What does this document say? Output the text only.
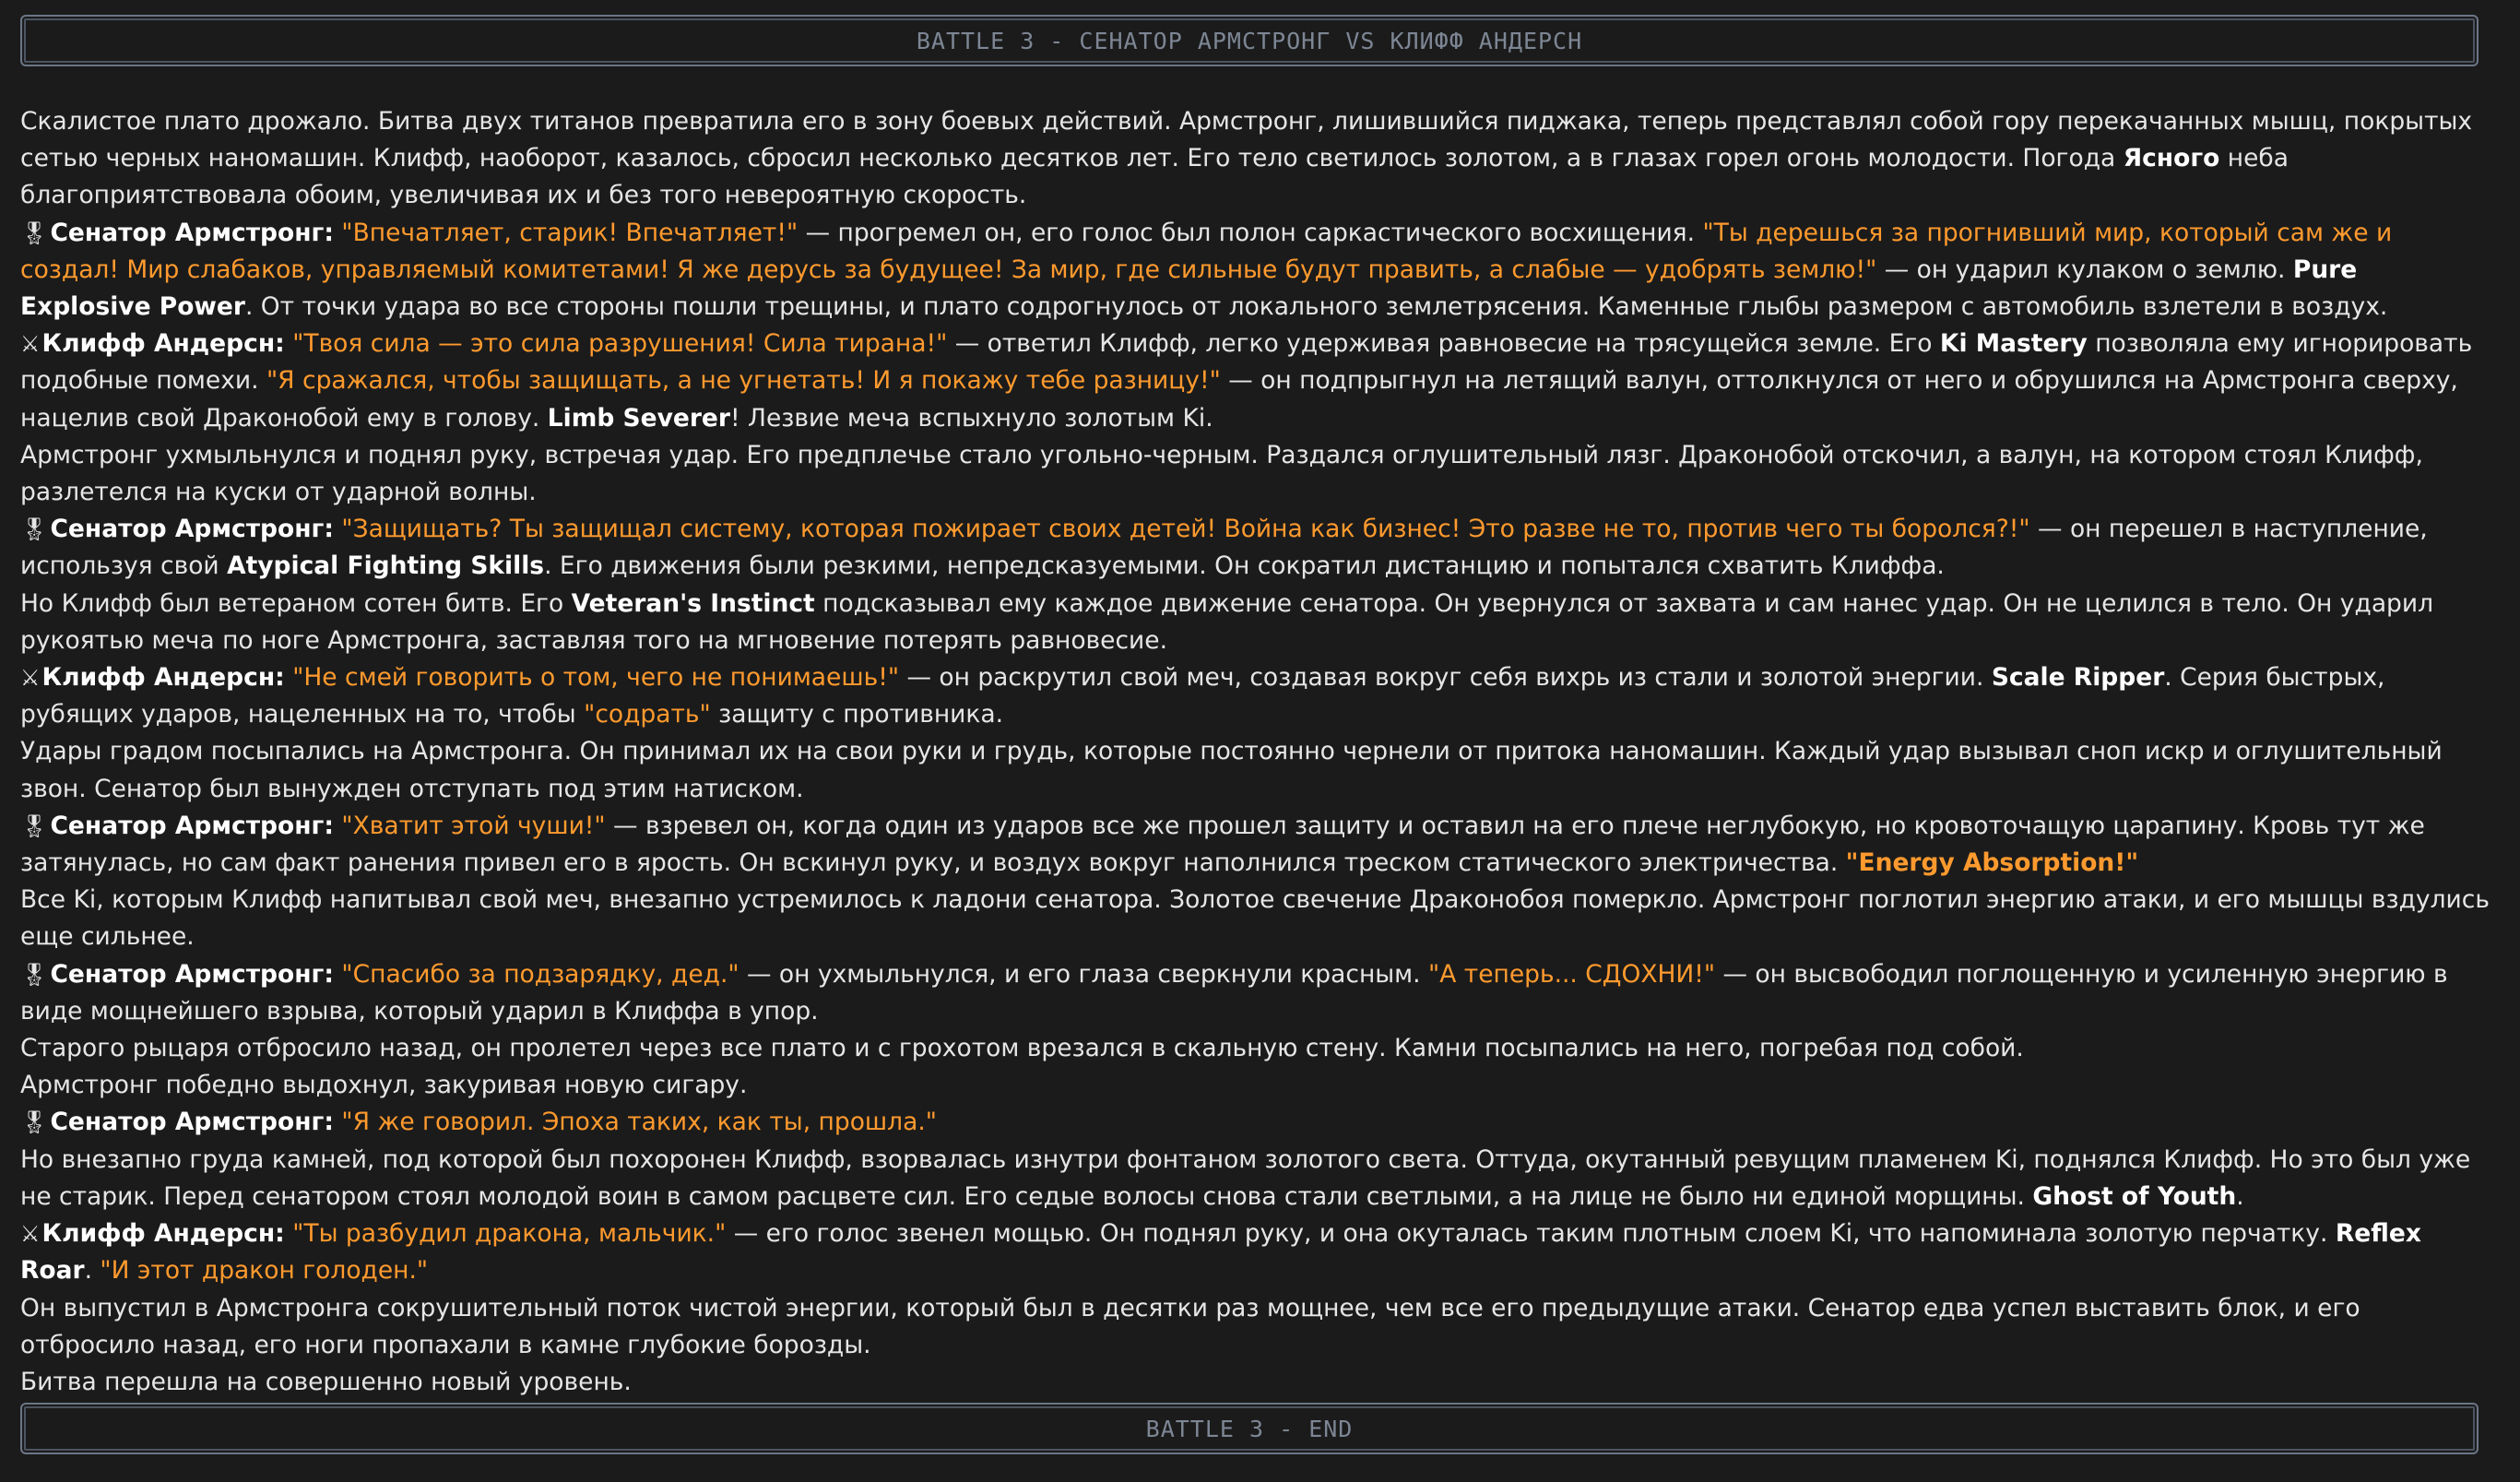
BATTLE 3 - СЕНАТОР АРМСТРОНГ VS КЛИФФ АНДЕРСН

Скалистое плато дрожало. Битва двух титанов превратила его в зону боевых действий. Армстронг, лишившийся пиджака, теперь представлял собой гору перекачанных мышц, покрытых сетью черных наномашин. Клифф, наоборот, казалось, сбросил несколько десятков лет. Его тело светилось золотом, а в глазах горел огонь молодости. Погода Ясного неба благоприятствовала обоим, увеличивая их и без того невероятную скорость.

🎖Сенатор Армстронг: "Впечатляет, старик! Впечатляет!" — прогремел он, его голос был полон саркастического восхищения. "Ты дерешься за прогнивший мир, который сам же и создал! Мир слабаков, управляемый комитетами! Я же дерусь за будущее! За мир, где сильные будут править, а слабые — удобрять землю!" — он ударил кулаком о землю. Pure Explosive Power. От точки удара во все стороны пошли трещины, и плато содрогнулось от локального землетрясения. Каменные глыбы размером с автомобиль взлетели в воздух.

⚔Клифф Андерсн: "Твоя сила — это сила разрушения! Сила тирана!" — ответил Клифф, легко удерживая равновесие на трясущейся земле. Его Ki Mastery позволяла ему игнорировать подобные помехи. "Я сражался, чтобы защищать, а не угнетать! И я покажу тебе разницу!" — он подпрыгнул на летящий валун, оттолкнулся от него и обрушился на Армстронга сверху, нацелив свой Драконобой ему в голову. Limb Severer! Лезвие меча вспыхнуло золотым Ki.

Армстронг ухмыльнулся и поднял руку, встречая удар. Его предплечье стало угольно-черным. Раздался оглушительный лязг. Драконобой отскочил, а валун, на котором стоял Клифф, разлетелся на куски от ударной волны.

🎖Сенатор Армстронг: "Защищать? Ты защищал систему, которая пожирает своих детей! Война как бизнес! Это разве не то, против чего ты боролся?!" — он перешел в наступление, используя свой Atypical Fighting Skills. Его движения были резкими, непредсказуемыми. Он сократил дистанцию и попытался схватить Клиффа.

Но Клифф был ветераном сотен битв. Его Veteran's Instinct подсказывал ему каждое движение сенатора. Он увернулся от захвата и сам нанес удар. Он не целился в тело. Он ударил рукоятью меча по ноге Армстронга, заставляя того на мгновение потерять равновесие.

⚔Клифф Андерсн: "Не смей говорить о том, чего не понимаешь!" — он раскрутил свой меч, создавая вокруг себя вихрь из стали и золотой энергии. Scale Ripper. Серия быстрых, рубящих ударов, нацеленных на то, чтобы "содрать" защиту с противника.

Удары градом посыпались на Армстронга. Он принимал их на свои руки и грудь, которые постоянно чернели от притока наномашин. Каждый удар вызывал сноп искр и оглушительный звон. Сенатор был вынужден отступать под этим натиском.

🎖Сенатор Армстронг: "Хватит этой чуши!" — взревел он, когда один из ударов все же прошел защиту и оставил на его плече неглубокую, но кровоточащую царапину. Кровь тут же затянулась, но сам факт ранения привел его в ярость. Он вскинул руку, и воздух вокруг наполнился треском статического электричества. "Energy Absorption!"

Все Ki, которым Клифф напитывал свой меч, внезапно устремилось к ладони сенатора. Золотое свечение Драконобоя померкло. Армстронг поглотил энергию атаки, и его мышцы вздулись еще сильнее.

🎖Сенатор Армстронг: "Спасибо за подзарядку, дед." — он ухмыльнулся, и его глаза сверкнули красным. "А теперь... СДОХНИ!" — он высвободил поглощенную и усиленную энергию в виде мощнейшего взрыва, который ударил в Клиффа в упор.

Старого рыцаря отбросило назад, он пролетел через все плато и с грохотом врезался в скальную стену. Камни посыпались на него, погребая под собой.

Армстронг победно выдохнул, закуривая новую сигару.

🎖Сенатор Армстронг: "Я же говорил. Эпоха таких, как ты, прошла."

Но внезапно груда камней, под которой был похоронен Клифф, взорвалась изнутри фонтаном золотого света. Оттуда, окутанный ревущим пламенем Ki, поднялся Клифф. Но это был уже не старик. Перед сенатором стоял молодой воин в самом расцвете сил. Его седые волосы снова стали светлыми, а на лице не было ни единой морщины. Ghost of Youth.

⚔Клифф Андерсн: "Ты разбудил дракона, мальчик." — его голос звенел мощью. Он поднял руку, и она окуталась таким плотным слоем Ki, что напоминала золотую перчатку. Reflex Roar. "И этот дракон голоден."

Он выпустил в Армстронга сокрушительный поток чистой энергии, который был в десятки раз мощнее, чем все его предыдущие атаки. Сенатор едва успел выставить блок, и его отбросило назад, его ноги пропахали в камне глубокие борозды.

Битва перешла на совершенно новый уровень.

BATTLE 3 - END
